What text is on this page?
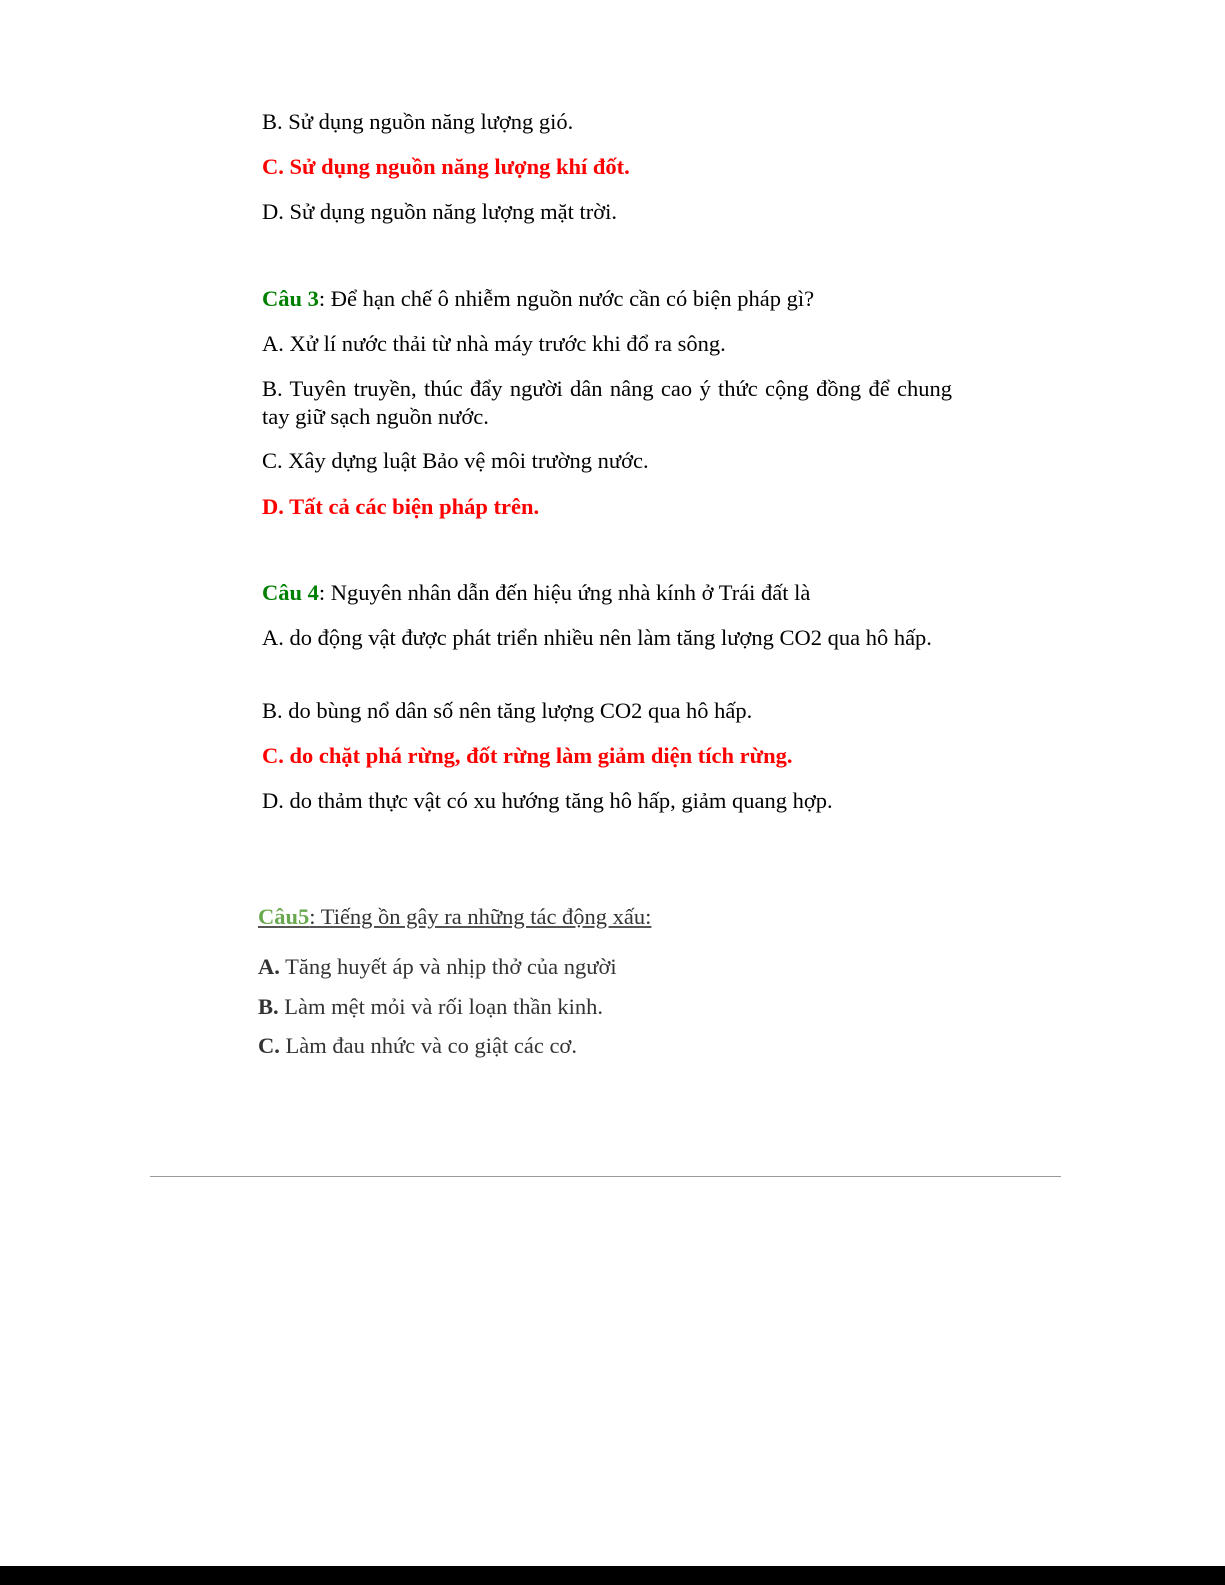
B. Sử dụng nguồn năng lượng gió.
C. Sử dụng nguồn năng lượng khí đốt.
D. Sử dụng nguồn năng lượng mặt trời.
Câu 3: Để hạn chế ô nhiễm nguồn nước cần có biện pháp gì?
A. Xử lí nước thải từ nhà máy trước khi đổ ra sông.
B. Tuyên truyền, thúc đẩy người dân nâng cao ý thức cộng đồng để chung tay giữ sạch nguồn nước.
C. Xây dựng luật Bảo vệ môi trường nước.
D. Tất cả các biện pháp trên.
Câu 4: Nguyên nhân dẫn đến hiệu ứng nhà kính ở Trái đất là
A. do động vật được phát triển nhiều nên làm tăng lượng CO2 qua hô hấp.
B. do bùng nổ dân số nên tăng lượng CO2 qua hô hấp.
C. do chặt phá rừng, đốt rừng làm giảm diện tích rừng.
D. do thảm thực vật có xu hướng tăng hô hấp, giảm quang hợp.
Câu5: Tiếng ồn gây ra những tác động xấu:
A. Tăng huyết áp và nhịp thở của người
B. Làm mệt mỏi và rối loạn thần kinh.
C. Làm đau nhức và co giật các cơ.
